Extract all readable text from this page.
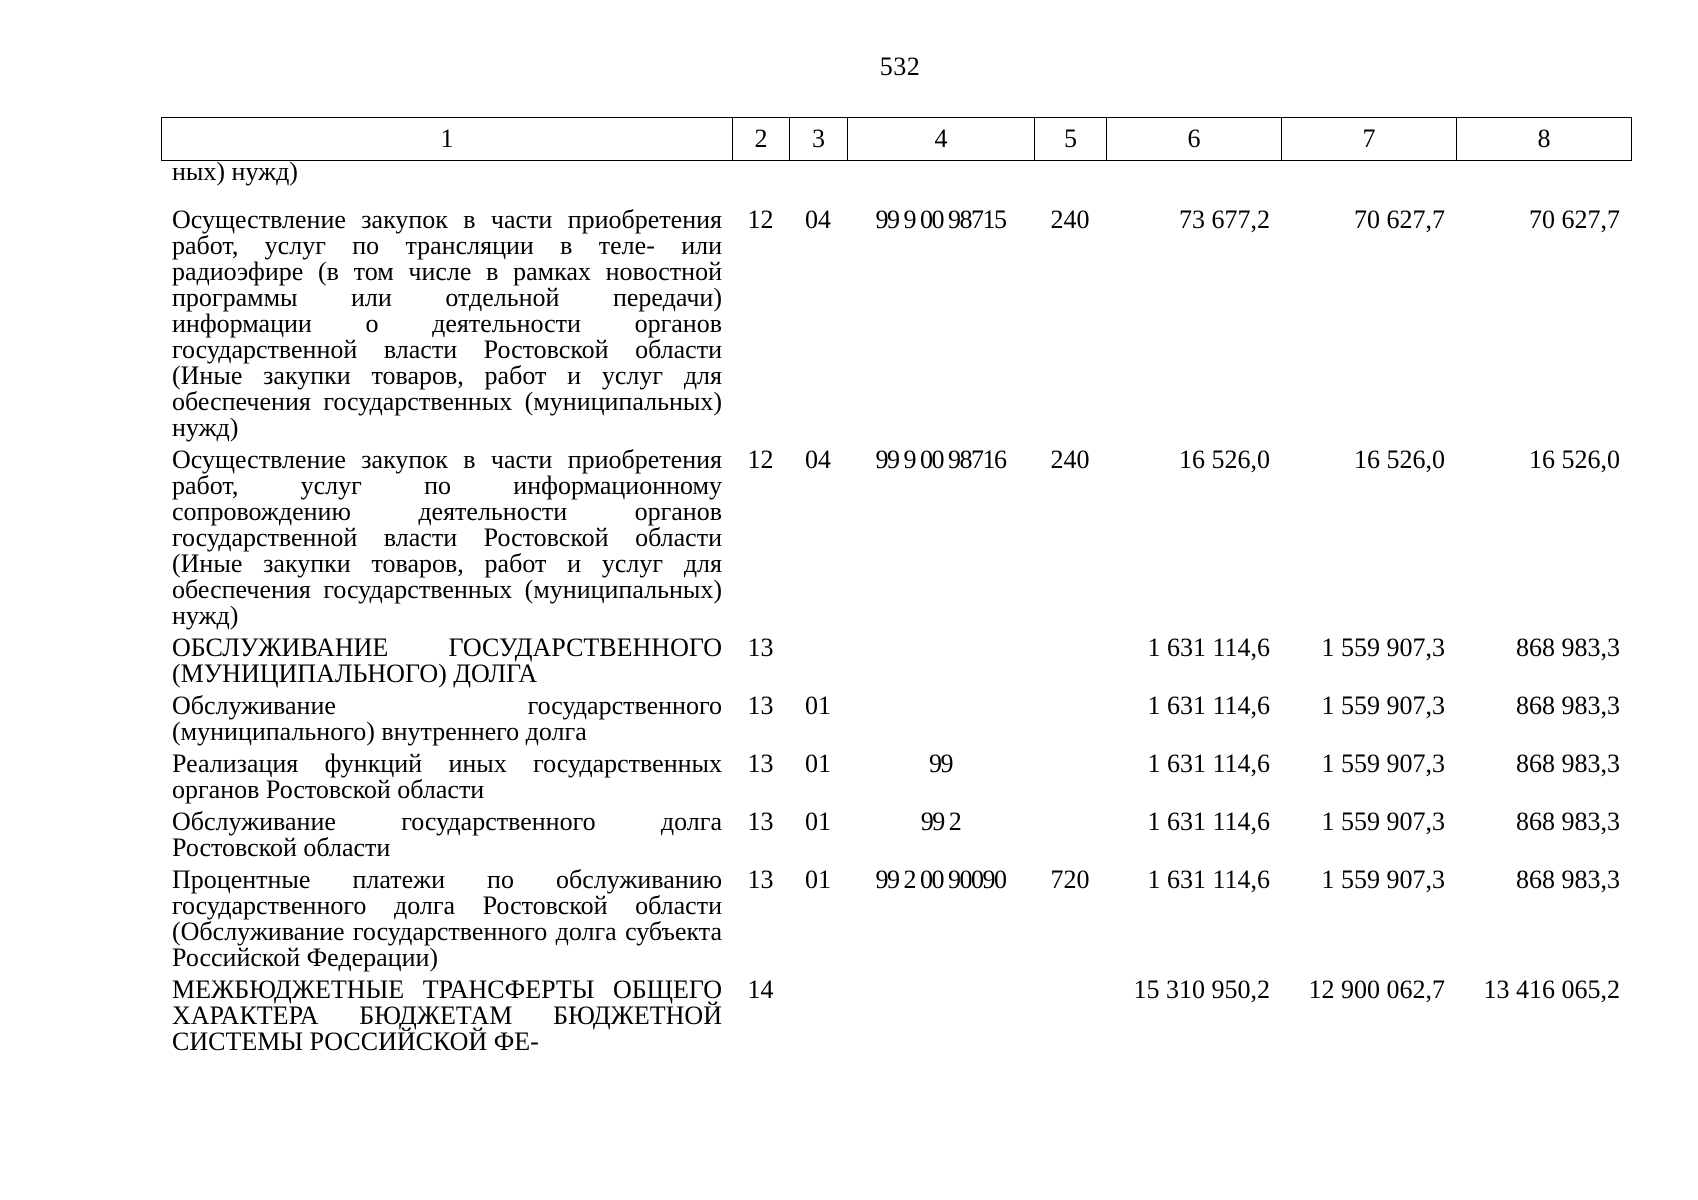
532
1	2	3	4	5	6	7	8
ных) нужд)							
Осуществление закупок в части приобретения работ, услуг по трансляции в теле- или радиоэфире (в том числе в рамках новостной программы или отдельной передачи) информации о деятельности органов государственной власти Ростовской области (Иные закупки товаров, работ и услуг для обеспечения государственных (муниципальных) нужд)	12	04	99 9 00 98715	240	73 677,2	70 627,7	70 627,7
Осуществление закупок в части приобретения работ, услуг по информационному сопровождению деятельности органов государственной власти Ростовской области (Иные закупки товаров, работ и услуг для обеспечения государственных (муниципальных) нужд)	12	04	99 9 00 98716	240	16 526,0	16 526,0	16 526,0
ОБСЛУЖИВАНИЕ ГОСУДАРСТВЕННОГО (МУНИЦИПАЛЬНОГО) ДОЛГА	13				1 631 114,6	1 559 907,3	868 983,3
Обслуживание государственного (муниципального) внутреннего долга	13	01			1 631 114,6	1 559 907,3	868 983,3
Реализация функций иных государственных органов Ростовской области	13	01	99		1 631 114,6	1 559 907,3	868 983,3
Обслуживание государственного долга Ростовской области	13	01	99 2		1 631 114,6	1 559 907,3	868 983,3
Процентные платежи по обслуживанию государственного долга Ростовской области (Обслуживание государственного долга субъекта Российской Федерации)	13	01	99 2 00 90090	720	1 631 114,6	1 559 907,3	868 983,3
МЕЖБЮДЖЕТНЫЕ ТРАНСФЕРТЫ ОБЩЕГО ХАРАКТЕРА БЮДЖЕТАМ БЮДЖЕТНОЙ СИСТЕМЫ РОССИЙСКОЙ ФЕ-	14				15 310 950,2	12 900 062,7	13 416 065,2
